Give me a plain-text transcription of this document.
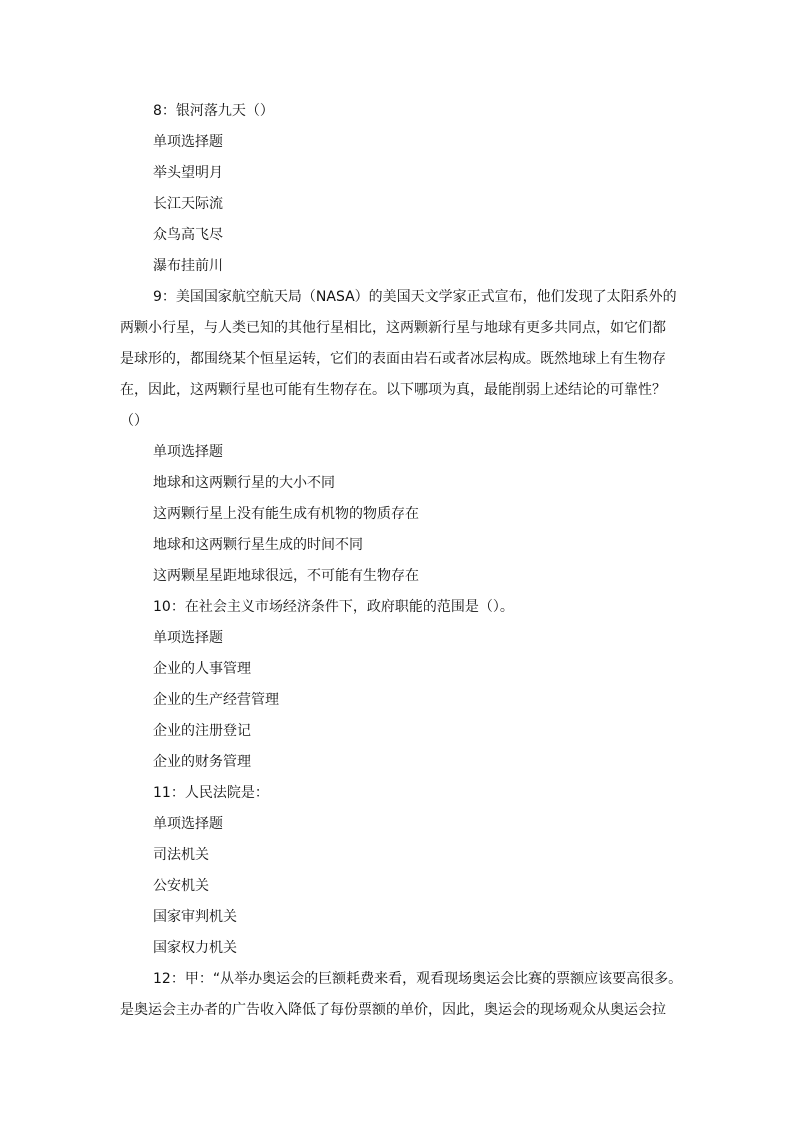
8：银河落九天（）
单项选择题
举头望明月
长江天际流
众鸟高飞尽
瀑布挂前川
9：美国国家航空航天局（NASA）的美国天文学家正式宣布，他们发现了太阳系外的
两颗小行星，与人类已知的其他行星相比，这两颗新行星与地球有更多共同点，如它们都
是球形的，都围绕某个恒星运转，它们的表面由岩石或者冰层构成。既然地球上有生物存
在，因此，这两颗行星也可能有生物存在。以下哪项为真，最能削弱上述结论的可靠性？
（）
单项选择题
地球和这两颗行星的大小不同
这两颗行星上没有能生成有机物的物质存在
地球和这两颗行星生成的时间不同
这两颗星星距地球很远，不可能有生物存在
10：在社会主义市场经济条件下，政府职能的范围是（）。
单项选择题
企业的人事管理
企业的生产经营管理
企业的注册登记
企业的财务管理
11：人民法院是：
单项选择题
司法机关
公安机关
国家审判机关
国家权力机关
12：甲：“从举办奥运会的巨额耗费来看，观看现场奥运会比赛的票额应该要高很多。
是奥运会主办者的广告收入降低了每份票额的单价，因此，奥运会的现场观众从奥运会拉
